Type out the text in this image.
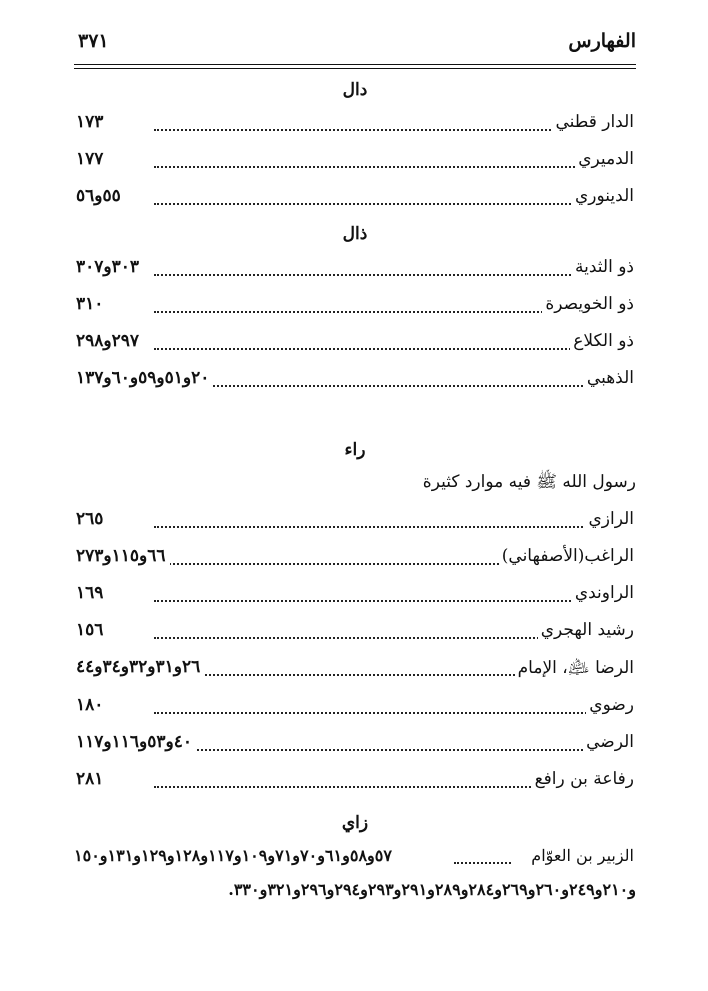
الفهارس
٣٧١
دال
الدار قطني
١٧٣
الدميري
١٧٧
الدينوري
٥٥و٥٦
ذال
ذو الثدية
٣٠٣و٣٠٧
ذو الخويصرة
٣١٠
ذو الكلاع
٢٩٧و٢٩٨
الذهبي
٢٠و٥١و٥٩و٦٠و١٣٧
راء
رسول الله ﷺ فيه موارد كثيرة
الرازي
٢٦٥
الراغب(الأصفهاني)
٦٦و١١٥و٢٧٣
الراوندي
١٦٩
رشيد الهجري
١٥٦
الرضا ﵇، الإمام
٢٦و٣١و٣٢و٣٤و٤٤
رضوي
١٨٠
الرضي
٤٠و٥٣و١١٦و١١٧
رفاعة بن رافع
٢٨١
زاي
الزبير بن العوّام
٥٧و٥٨و٦١و٧٠و٧١و١٠٩و١١٧و١٢٨و١٢٩و١٣١و١٥٠
و٢١٠و٢٤٩و٢٦٠و٢٦٩و٢٨٤و٢٨٩و٢٩١و٢٩٣و٢٩٤و٢٩٦و٣٢١و٣٣٠.
